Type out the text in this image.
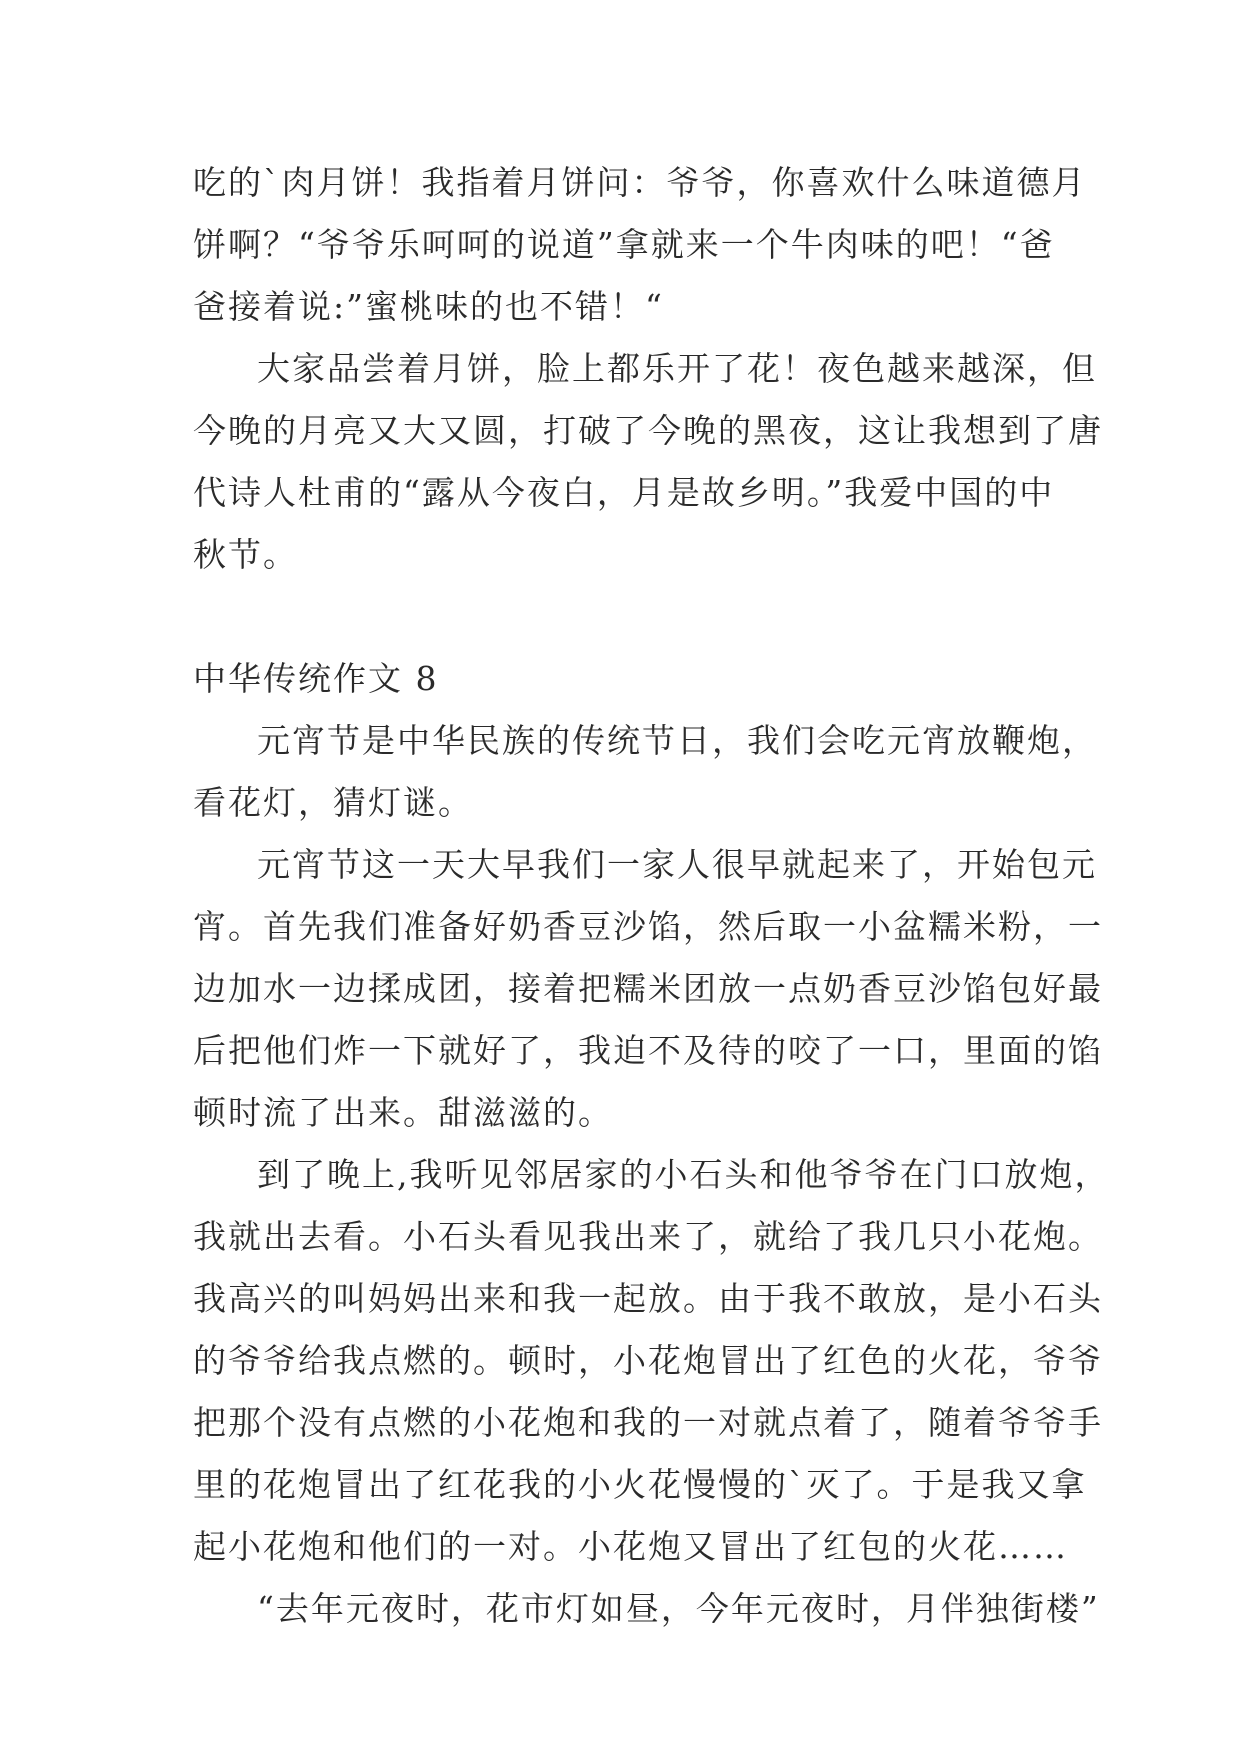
吃的`肉月饼！我指着月饼问：爷爷，你喜欢什么味道德月
饼啊？“爷爷乐呵呵的说道”拿就来一个牛肉味的吧！“爸
爸接着说:”蜜桃味的也不错！“
大家品尝着月饼，脸上都乐开了花！夜色越来越深，但
今晚的月亮又大又圆，打破了今晚的黑夜，这让我想到了唐
代诗人杜甫的“露从今夜白，月是故乡明。”我爱中国的中
秋节。
中华传统作文 8
元宵节是中华民族的传统节日，我们会吃元宵放鞭炮，
看花灯，猜灯谜。
元宵节这一天大早我们一家人很早就起来了，开始包元
宵。首先我们准备好奶香豆沙馅，然后取一小盆糯米粉，一
边加水一边揉成团，接着把糯米团放一点奶香豆沙馅包好最
后把他们炸一下就好了，我迫不及待的咬了一口，里面的馅
顿时流了出来。甜滋滋的。
到了晚上,我听见邻居家的小石头和他爷爷在门口放炮，
我就出去看。小石头看见我出来了，就给了我几只小花炮。
我高兴的叫妈妈出来和我一起放。由于我不敢放，是小石头
的爷爷给我点燃的。顿时，小花炮冒出了红色的火花，爷爷
把那个没有点燃的小花炮和我的一对就点着了，随着爷爷手
里的花炮冒出了红花我的小火花慢慢的`灭了。于是我又拿
起小花炮和他们的一对。小花炮又冒出了红包的火花……
“去年元夜时，花市灯如昼，今年元夜时，月伴独街楼”
